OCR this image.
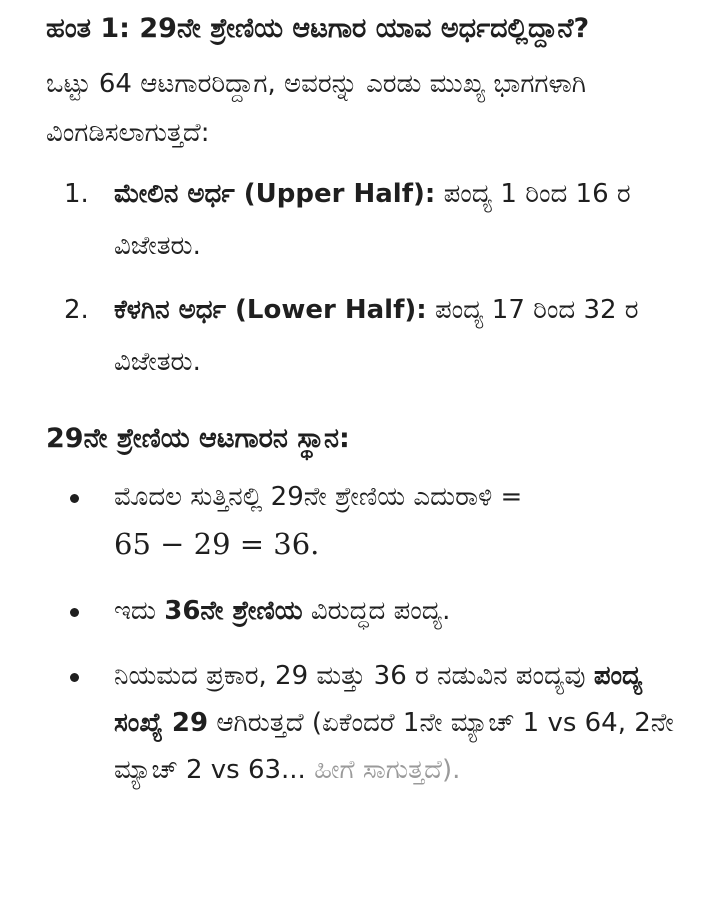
ಹಂತ 1: 29ನೇ ಶ್ರೇಣಿಯ ಆಟಗಾರ ಯಾವ ಅರ್ಧದಲ್ಲಿದ್ದಾನೆ?

ಒಟ್ಟು 64 ಆಟಗಾರರಿದ್ದಾಗ, ಅವರನ್ನು ಎರಡು ಮುಖ್ಯ ಭಾಗಗಳಾಗಿ ವಿಂಗಡಿಸಲಾಗುತ್ತದೆ:

1. ಮೇಲಿನ ಅರ್ಧ (Upper Half): ಪಂದ್ಯ 1 ರಿಂದ 16 ರ ವಿಜೇತರು.
2. ಕೆಳಗಿನ ಅರ್ಧ (Lower Half): ಪಂದ್ಯ 17 ರಿಂದ 32 ರ ವಿಜೇತರು.

29ನೇ ಶ್ರೇಣಿಯ ಆಟಗಾರನ ಸ್ಥಾನ:

ಮೊದಲ ಸುತ್ತಿನಲ್ಲಿ 29ನೇ ಶ್ರೇಣಿಯ ಎದುರಾಳಿ =
65 − 29 = 36.
ಇದು 36ನೇ ಶ್ರೇಣಿಯ ವಿರುದ್ಧದ ಪಂದ್ಯ.
ನಿಯಮದ ಪ್ರಕಾರ, 29 ಮತ್ತು 36 ರ ನಡುವಿನ ಪಂದ್ಯವು ಪಂದ್ಯ ಸಂಖ್ಯೆ 29 ಆಗಿರುತ್ತದೆ (ಏಕೆಂದರೆ 1ನೇ ಮ್ಯಾಚ್ 1 vs 64, 2ನೇ ಮ್ಯಾಚ್ 2 vs 63... ಹೀಗೆ ಸಾಗುತ್ತದೆ).
